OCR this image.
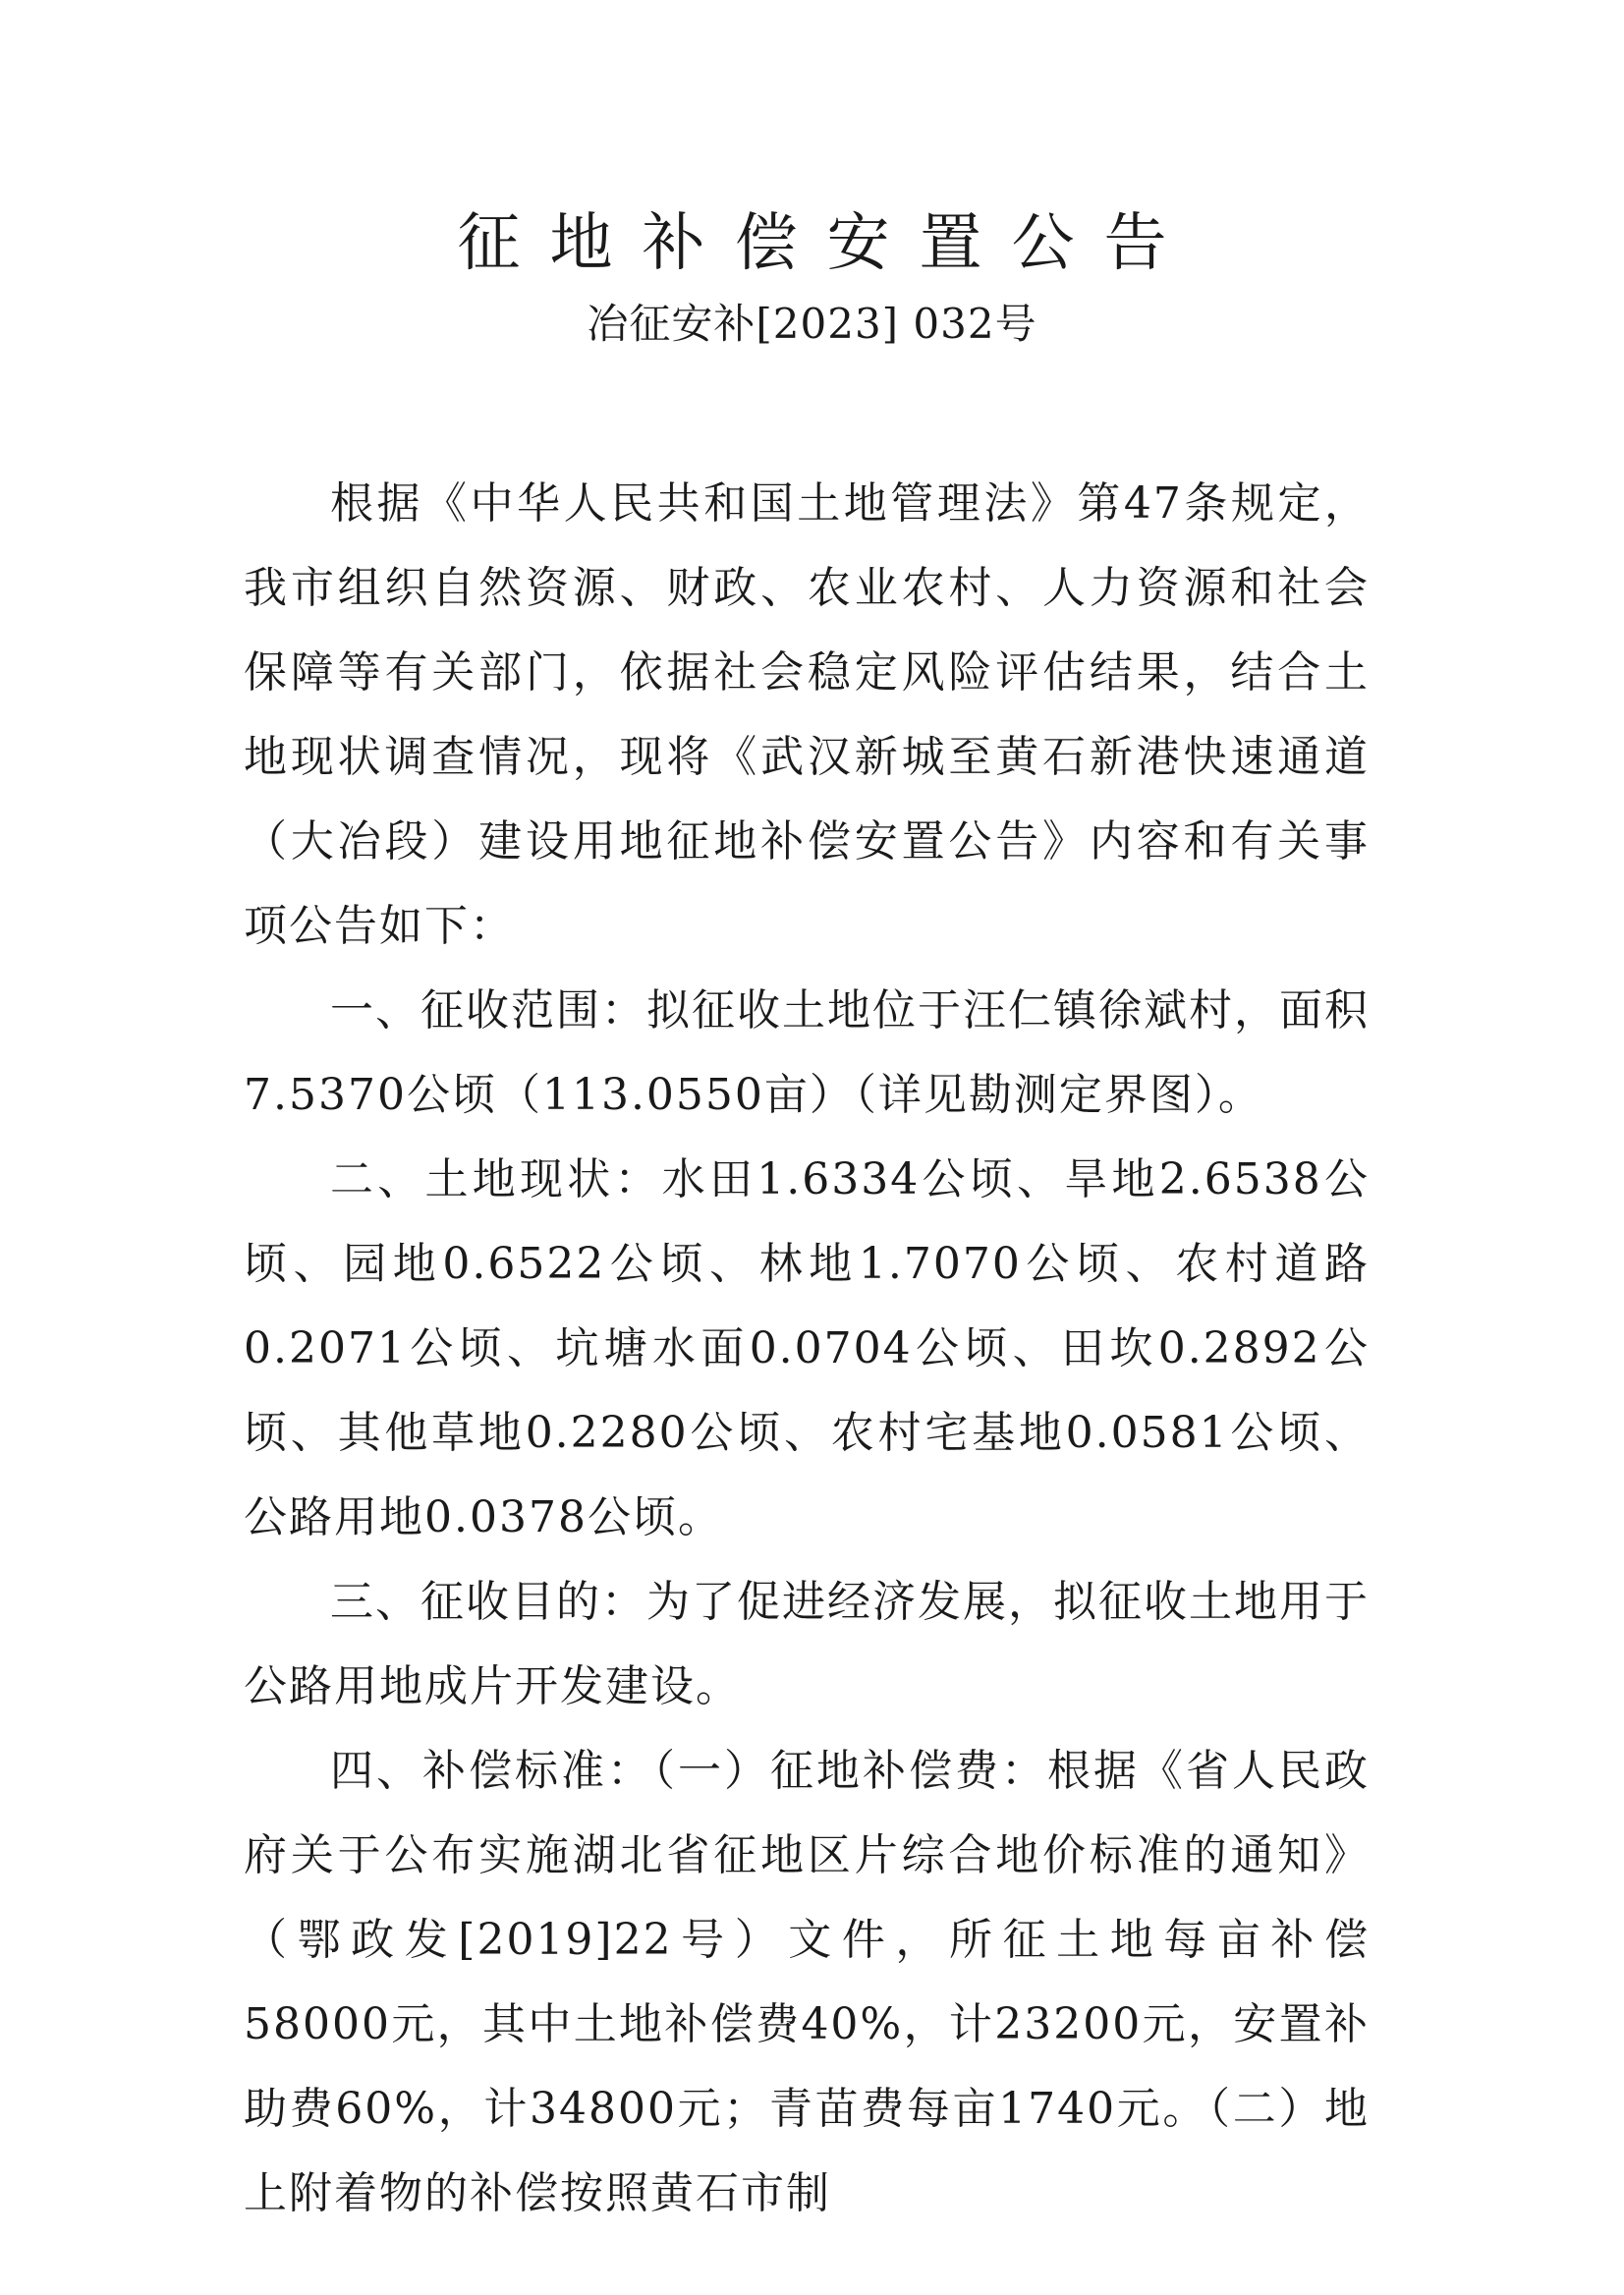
征地补偿安置公告
冶征安补[2023] 032号

根据《中华人民共和国土地管理法》第47条规定，我市组织自然资源、财政、农业农村、人力资源和社会保障等有关部门，依据社会稳定风险评估结果，结合土地现状调查情况，现将《武汉新城至黄石新港快速通道（大冶段）建设用地征地补偿安置公告》内容和有关事项公告如下：

一、征收范围：拟征收土地位于汪仁镇徐斌村，面积7.5370公顷（113.0550亩）（详见勘测定界图）。

二、土地现状：水田1.6334公顷、旱地2.6538公顷、园地0.6522公顷、林地1.7070公顷、农村道路0.2071公顷、坑塘水面0.0704公顷、田坎0.2892公顷、其他草地0.2280公顷、农村宅基地0.0581公顷、公路用地0.0378公顷。

三、征收目的：为了促进经济发展，拟征收土地用于公路用地成片开发建设。

四、补偿标准：（一）征地补偿费：根据《省人民政府关于公布实施湖北省征地区片综合地价标准的通知》（鄂政发[2019]22号）文件，所征土地每亩补偿58000元，其中土地补偿费40%，计23200元，安置补助费60%，计34800元；青苗费每亩1740元。（二）地上附着物的补偿按照黄石市制
